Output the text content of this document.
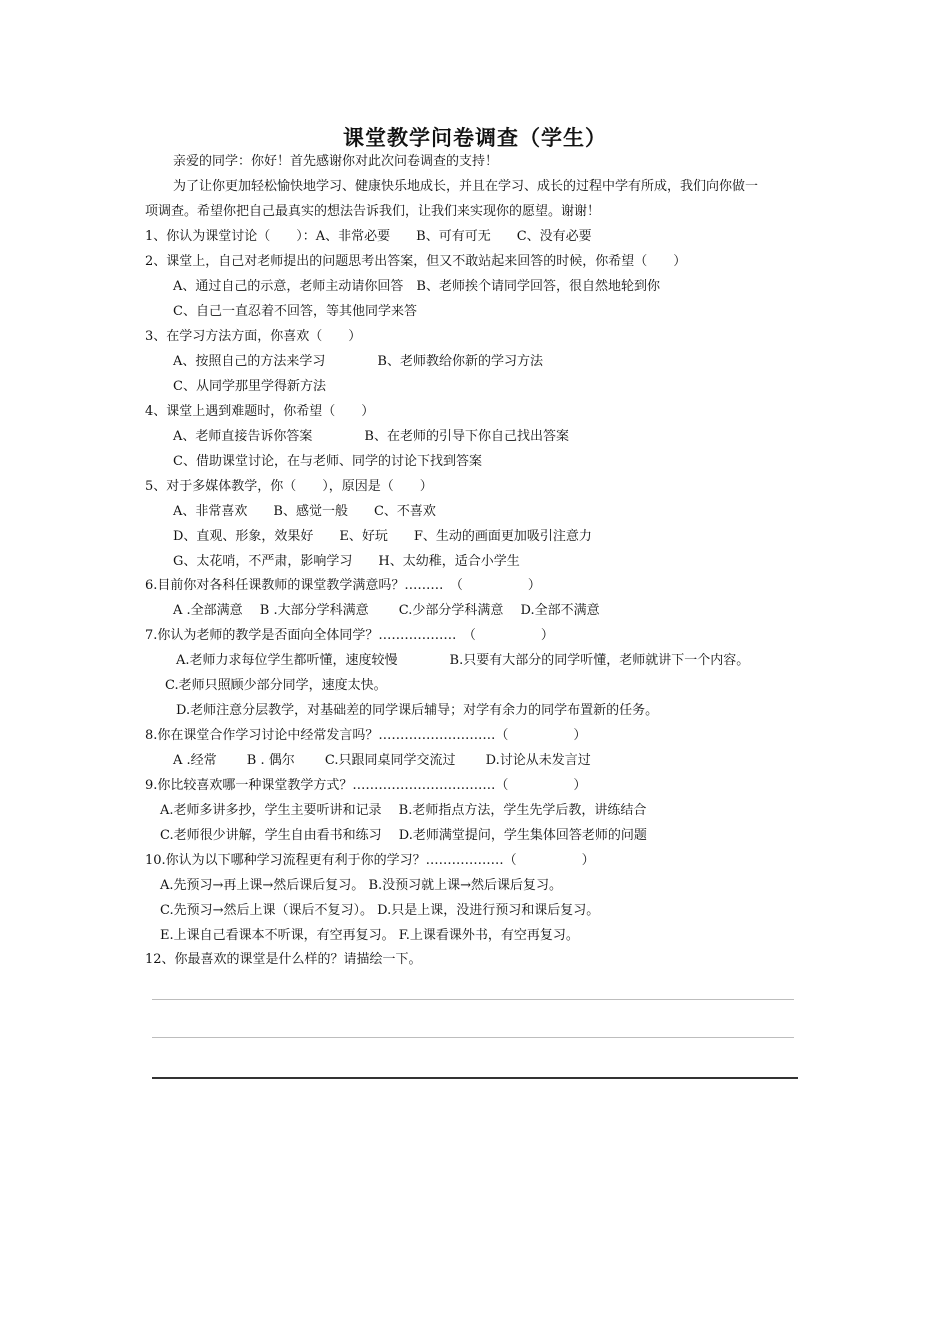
课堂教学问卷调查（学生）
亲爱的同学：你好！首先感谢你对此次问卷调查的支持！
为了让你更加轻松愉快地学习、健康快乐地成长，并且在学习、成长的过程中学有所成，我们向你做一
项调查。希望你把自己最真实的想法告诉我们，让我们来实现你的愿望。谢谢！
1、你认为课堂讨论（　　）：A、非常必要　　B、可有可无　　C、没有必要
2、课堂上，自己对老师提出的问题思考出答案，但又不敢站起来回答的时候，你希望（　　）
A、通过自己的示意，老师主动请你回答　B、老师挨个请同学回答，很自然地轮到你
C、自己一直忍着不回答，等其他同学来答
3、在学习方法方面，你喜欢（　　）
A、按照自己的方法来学习　　　　B、老师教给你新的学习方法
C、从同学那里学得新方法
4、课堂上遇到难题时，你希望（　　）
A、老师直接告诉你答案　　　　B、在老师的引导下你自己找出答案
C、借助课堂讨论，在与老师、同学的讨论下找到答案
5、对于多媒体教学，你（　　），原因是（　　）
A、非常喜欢　　B、感觉一般　　C、不喜欢
D、直观、形象，效果好　　E、好玩　　F、生动的画面更加吸引注意力
G、太花哨，不严肃，影响学习　　H、太幼稚，适合小学生
6.目前你对各科任课教师的课堂教学满意吗？………　（　　　　　）
A .全部满意　 B .大部分学科满意　　 C.少部分学科满意　 D.全部不满意
7.你认为老师的教学是否面向全体同学？………………　（　　　　　）
A.老师力求每位学生都听懂，速度较慢　　　　B.只要有大部分的同学听懂，老师就讲下一个内容。
C.老师只照顾少部分同学，速度太快。
D.老师注意分层教学，对基础差的同学课后辅导；对学有余力的同学布置新的任务。
8.你在课堂合作学习讨论中经常发言吗？………………………（　　　　　）
A .经常　　 B . 偶尔　　 C.只跟同桌同学交流过　　 D.讨论从未发言过
9.你比较喜欢哪一种课堂教学方式？……………………………（　　　　　）
A.老师多讲多抄，学生主要听讲和记录　 B.老师指点方法，学生先学后教，讲练结合
C.老师很少讲解，学生自由看书和练习　 D.老师满堂提问，学生集体回答老师的问题
10.你认为以下哪种学习流程更有利于你的学习？………………（　　　　　）
A.先预习→再上课→然后课后复习。 B.没预习就上课→然后课后复习。
C.先预习→然后上课（课后不复习）。 D.只是上课，没进行预习和课后复习。
E.上课自己看课本不听课，有空再复习。 F.上课看课外书，有空再复习。
12、你最喜欢的课堂是什么样的？请描绘一下。
